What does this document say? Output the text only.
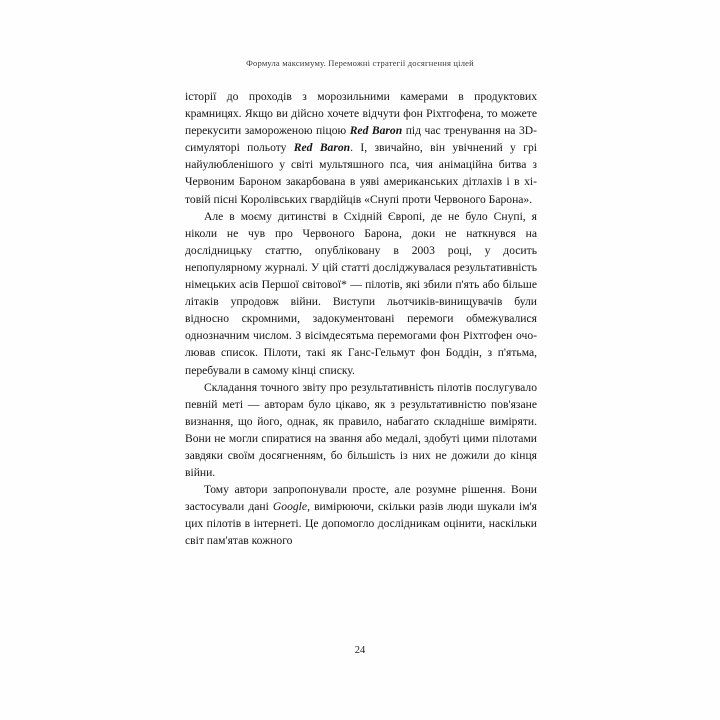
Формула максимуму. Переможні стратегії досягнення цілей

історії до проходів з морозильними камерами в продуктових крамницях. Якщо ви дійсно хочете відчути фон Ріхтгофена, то можете перекусити замороженою піцою Red Baron під час тренування на 3D-симуляторі польоту Red Baron. І, звичайно, він увічнений у грі найулюбленішого у світі мультяшного пса, чия анімаційна битва з Червоним Бароном закарбована в уяві американських дітлахів і в хітовій пісні Королівських гвардійців «Снупі проти Червоного Барона».

Але в моєму дитинстві в Східній Європі, де не було Снупі, я ніколи не чув про Червоного Барона, доки не наткнувся на дослідницьку статтю, опубліковану в 2003 році, у досить непопулярному журналі. У цій статті досліджувалася результативність німецьких асів Першої світової* — пілотів, які збили п'ять або більше літаків упродовж війни. Виступи льотчиків-винищувачів були відносно скромними, задокументовані перемоги обмежувалися однозначним числом. З вісімдесятьма перемогами фон Ріхтгофен очолював список. Пілоти, такі як Ганс-Гельмут фон Боддін, з п'ятьма, перебували в самому кінці списку.

Складання точного звіту про результативність пілотів послугувало певній меті — авторам було цікаво, як з результативністю пов'язане визнання, що його, однак, як правило, набагато складніше виміряти. Вони не могли спиратися на звання або медалі, здобуті цими пілотами завдяки своїм досягненням, бо більшість із них не дожили до кінця війни.

Тому автори запропонували просте, але розумне рішення. Вони застосували дані Google, вимірюючи, скільки разів люди шукали ім'я цих пілотів в інтернеті. Це допомогло дослідникам оцінити, наскільки світ пам'ятав кожного

24
